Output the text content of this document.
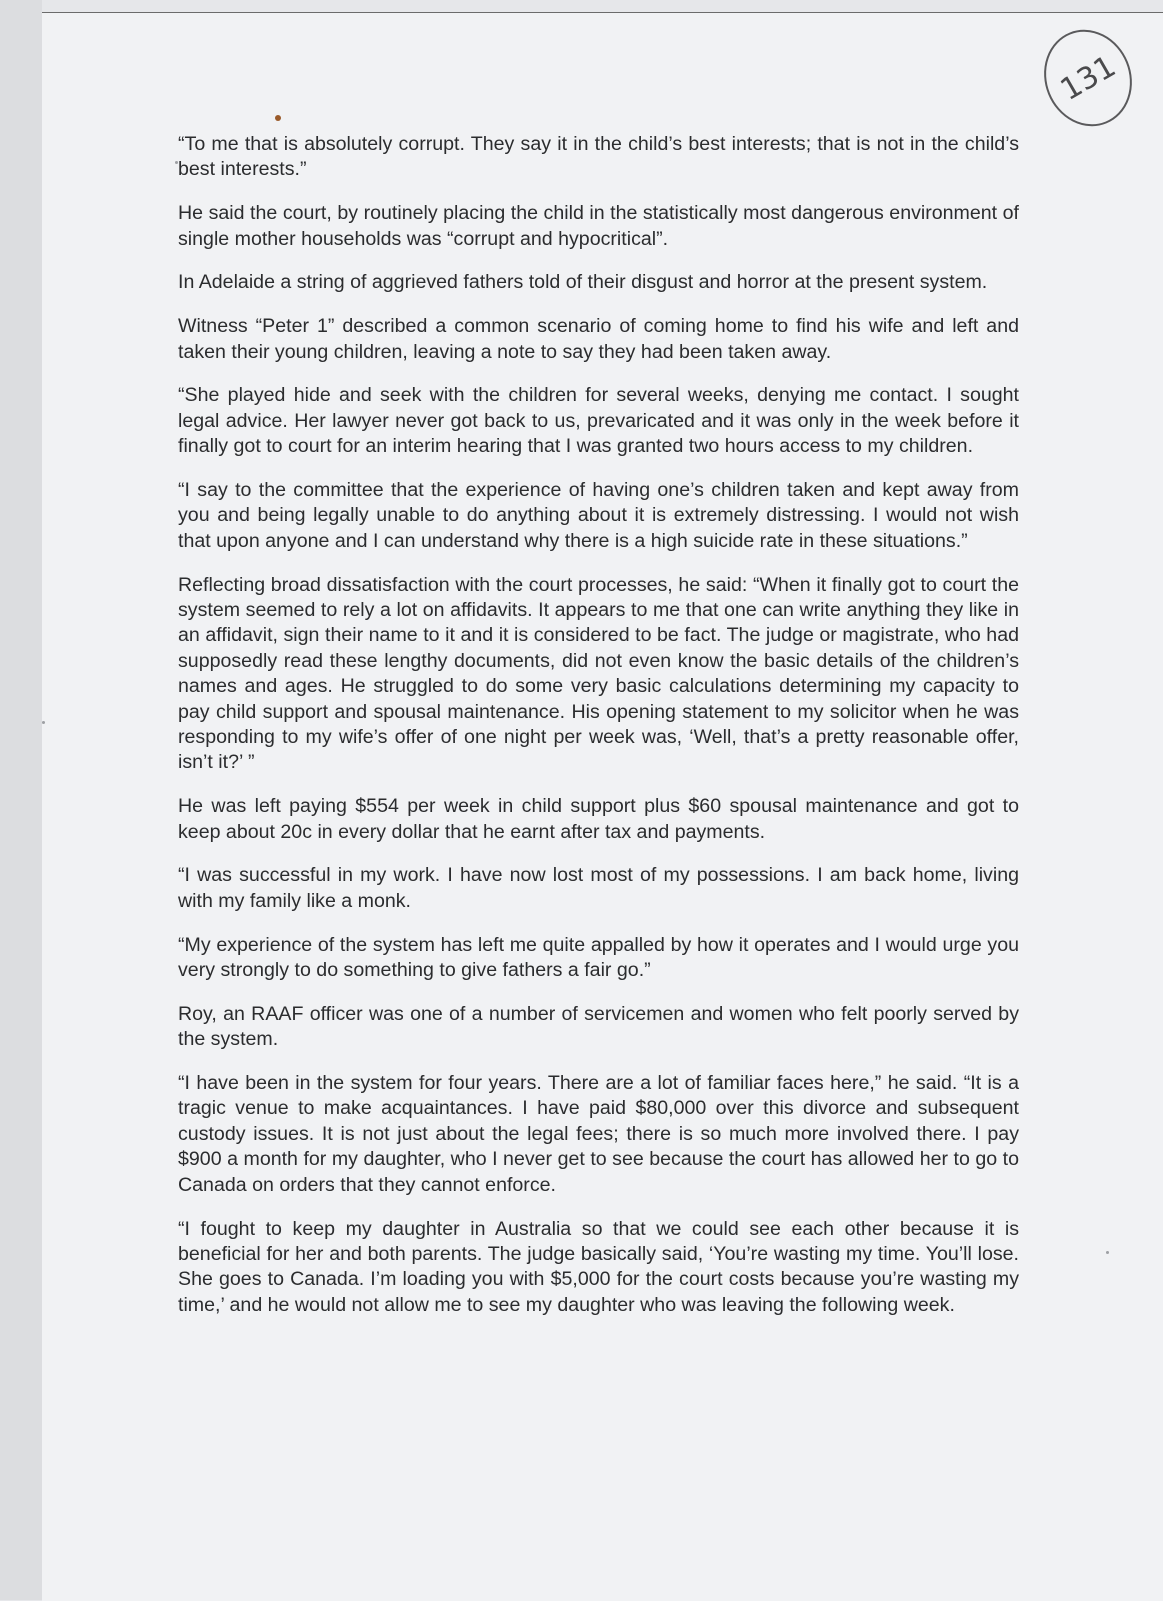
131

“To me that is absolutely corrupt. They say it in the child’s best interests; that is not in the child’s best interests.”

He said the court, by routinely placing the child in the statistically most dangerous environment of single mother households was “corrupt and hypocritical”.

In Adelaide a string of aggrieved fathers told of their disgust and horror at the present system.

Witness “Peter 1” described a common scenario of coming home to find his wife and left and taken their young children, leaving a note to say they had been taken away.

“She played hide and seek with the children for several weeks, denying me contact. I sought legal advice. Her lawyer never got back to us, prevaricated and it was only in the week before it finally got to court for an interim hearing that I was granted two hours access to my children.

“I say to the committee that the experience of having one’s children taken and kept away from you and being legally unable to do anything about it is extremely distressing. I would not wish that upon anyone and I can understand why there is a high suicide rate in these situations.”

Reflecting broad dissatisfaction with the court processes, he said: “When it finally got to court the system seemed to rely a lot on affidavits. It appears to me that one can write anything they like in an affidavit, sign their name to it and it is considered to be fact. The judge or magistrate, who had supposedly read these lengthy documents, did not even know the basic details of the children’s names and ages. He struggled to do some very basic calculations determining my capacity to pay child support and spousal maintenance. His opening statement to my solicitor when he was responding to my wife’s offer of one night per week was, ‘Well, that’s a pretty reasonable offer, isn’t it?’ ”

He was left paying $554 per week in child support plus $60 spousal maintenance and got to keep about 20c in every dollar that he earnt after tax and payments.

“I was successful in my work. I have now lost most of my possessions. I am back home, living with my family like a monk.

“My experience of the system has left me quite appalled by how it operates and I would urge you very strongly to do something to give fathers a fair go.”

Roy, an RAAF officer was one of a number of servicemen and women who felt poorly served by the system.

“I have been in the system for four years. There are a lot of familiar faces here,” he said. “It is a tragic venue to make acquaintances. I have paid $80,000 over this divorce and subsequent custody issues. It is not just about the legal fees; there is so much more involved there. I pay $900 a month for my daughter, who I never get to see because the court has allowed her to go to Canada on orders that they cannot enforce.

“I fought to keep my daughter in Australia so that we could see each other because it is beneficial for her and both parents. The judge basically said, ‘You’re wasting my time. You’ll lose. She goes to Canada. I’m loading you with $5,000 for the court costs because you’re wasting my time,’ and he would not allow me to see my daughter who was leaving the following week.
